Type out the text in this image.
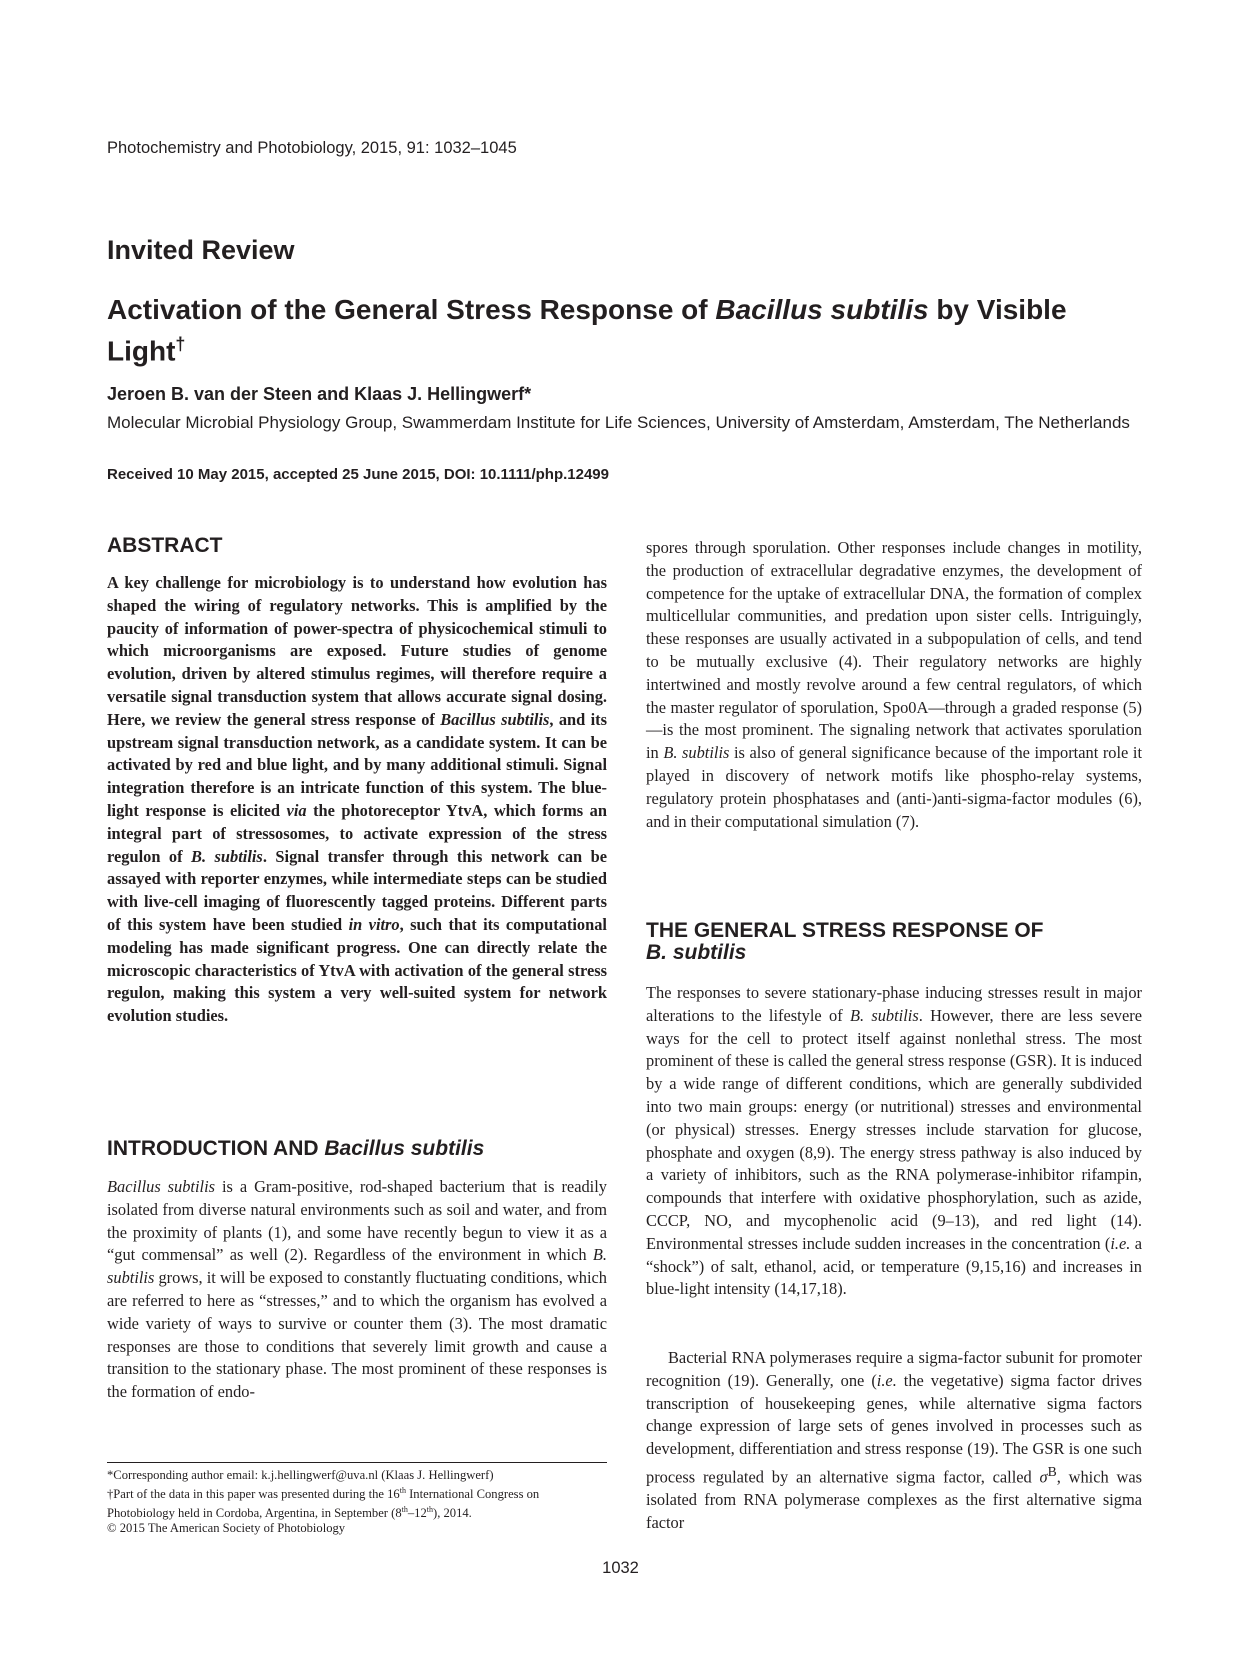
Photochemistry and Photobiology, 2015, 91: 1032–1045
Invited Review
Activation of the General Stress Response of Bacillus subtilis by Visible Light†
Jeroen B. van der Steen and Klaas J. Hellingwerf*
Molecular Microbial Physiology Group, Swammerdam Institute for Life Sciences, University of Amsterdam, Amsterdam, The Netherlands
Received 10 May 2015, accepted 25 June 2015, DOI: 10.1111/php.12499
ABSTRACT
A key challenge for microbiology is to understand how evolution has shaped the wiring of regulatory networks. This is amplified by the paucity of information of power-spectra of physicochemical stimuli to which microorganisms are exposed. Future studies of genome evolution, driven by altered stimulus regimes, will therefore require a versatile signal transduction system that allows accurate signal dosing. Here, we review the general stress response of Bacillus subtilis, and its upstream signal transduction network, as a candidate system. It can be activated by red and blue light, and by many additional stimuli. Signal integration therefore is an intricate function of this system. The blue-light response is elicited via the photoreceptor YtvA, which forms an integral part of stressosomes, to activate expression of the stress regulon of B. subtilis. Signal transfer through this network can be assayed with reporter enzymes, while intermediate steps can be studied with live-cell imaging of fluorescently tagged proteins. Different parts of this system have been studied in vitro, such that its computational modeling has made significant progress. One can directly relate the microscopic characteristics of YtvA with activation of the general stress regulon, making this system a very well-suited system for network evolution studies.
INTRODUCTION AND Bacillus subtilis
Bacillus subtilis is a Gram-positive, rod-shaped bacterium that is readily isolated from diverse natural environments such as soil and water, and from the proximity of plants (1), and some have recently begun to view it as a “gut commensal” as well (2). Regardless of the environment in which B. subtilis grows, it will be exposed to constantly fluctuating conditions, which are referred to here as “stresses,” and to which the organism has evolved a wide variety of ways to survive or counter them (3). The most dramatic responses are those to conditions that severely limit growth and cause a transition to the stationary phase. The most prominent of these responses is the formation of endo-
*Corresponding author email: k.j.hellingwerf@uva.nl (Klaas J. Hellingwerf)
†Part of the data in this paper was presented during the 16th International Congress on Photobiology held in Cordoba, Argentina, in September (8th–12th), 2014.
© 2015 The American Society of Photobiology
spores through sporulation. Other responses include changes in motility, the production of extracellular degradative enzymes, the development of competence for the uptake of extracellular DNA, the formation of complex multicellular communities, and predation upon sister cells. Intriguingly, these responses are usually activated in a subpopulation of cells, and tend to be mutually exclusive (4). Their regulatory networks are highly intertwined and mostly revolve around a few central regulators, of which the master regulator of sporulation, Spo0A—through a graded response (5)—is the most prominent. The signaling network that activates sporulation in B. subtilis is also of general significance because of the important role it played in discovery of network motifs like phospho-relay systems, regulatory protein phosphatases and (anti-)anti-sigma-factor modules (6), and in their computational simulation (7).
THE GENERAL STRESS RESPONSE OF
B. subtilis
The responses to severe stationary-phase inducing stresses result in major alterations to the lifestyle of B. subtilis. However, there are less severe ways for the cell to protect itself against nonlethal stress. The most prominent of these is called the general stress response (GSR). It is induced by a wide range of different conditions, which are generally subdivided into two main groups: energy (or nutritional) stresses and environmental (or physical) stresses. Energy stresses include starvation for glucose, phosphate and oxygen (8,9). The energy stress pathway is also induced by a variety of inhibitors, such as the RNA polymerase-inhibitor rifampin, compounds that interfere with oxidative phosphorylation, such as azide, CCCP, NO, and mycophenolic acid (9–13), and red light (14). Environmental stresses include sudden increases in the concentration (i.e. a “shock”) of salt, ethanol, acid, or temperature (9,15,16) and increases in blue-light intensity (14,17,18).
Bacterial RNA polymerases require a sigma-factor subunit for promoter recognition (19). Generally, one (i.e. the vegetative) sigma factor drives transcription of housekeeping genes, while alternative sigma factors change expression of large sets of genes involved in processes such as development, differentiation and stress response (19). The GSR is one such process regulated by an alternative sigma factor, called $\sigma^B$, which was isolated from RNA polymerase complexes as the first alternative sigma factor
1032
